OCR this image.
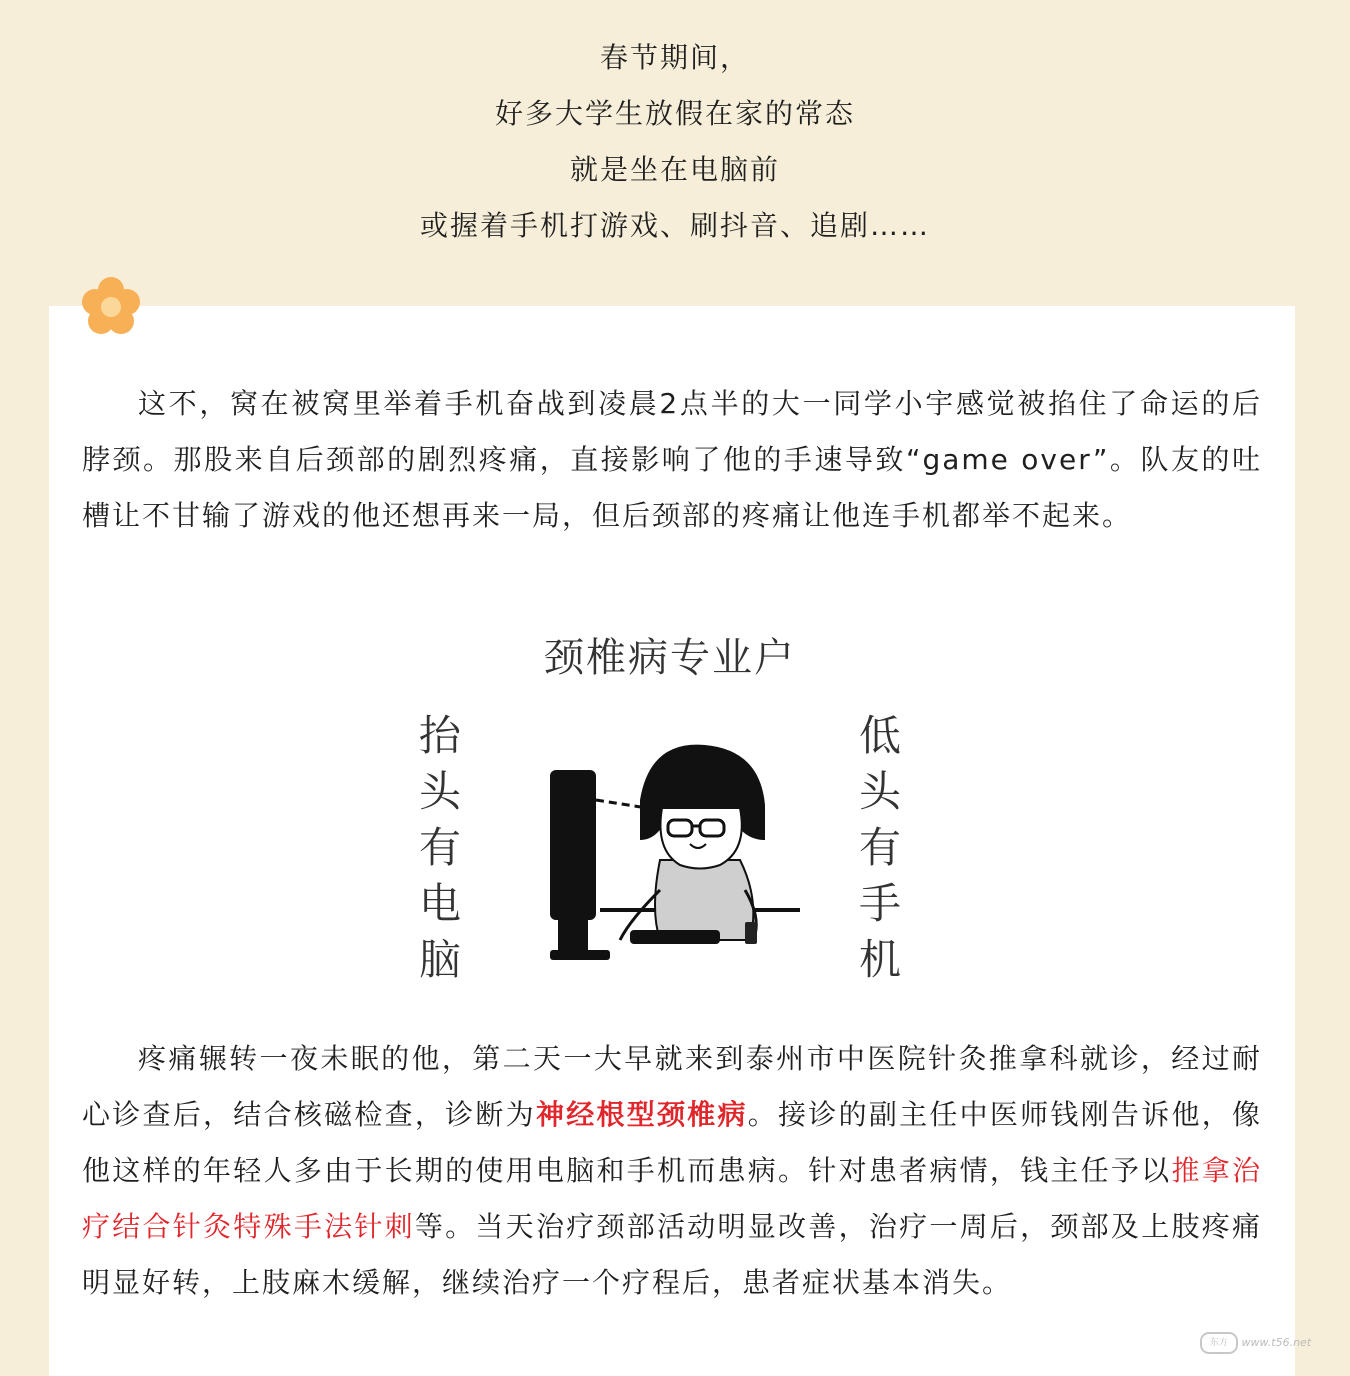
春节期间，
好多大学生放假在家的常态
就是坐在电脑前
或握着手机打游戏、刷抖音、追剧……

这不，窝在被窝里举着手机奋战到凌晨2点半的大一同学小宇感觉被掐住了命运的后脖颈。那股来自后颈部的剧烈疼痛，直接影响了他的手速导致“game over”。队友的吐槽让不甘输了游戏的他还想再来一局，但后颈部的疼痛让他连手机都举不起来。

颈椎病专业户
抬
头
有
电
脑
低
头
有
手
机

疼痛辗转一夜未眠的他，第二天一大早就来到泰州市中医院针灸推拿科就诊，经过耐心诊查后，结合核磁检查，诊断为神经根型颈椎病。接诊的副主任中医师钱刚告诉他，像他这样的年轻人多由于长期的使用电脑和手机而患病。针对患者病情，钱主任予以推拿治疗结合针灸特殊手法针刺等。当天治疗颈部活动明显改善，治疗一周后，颈部及上肢疼痛明显好转，上肢麻木缓解，继续治疗一个疗程后，患者症状基本消失。

东方 www.t56.net
